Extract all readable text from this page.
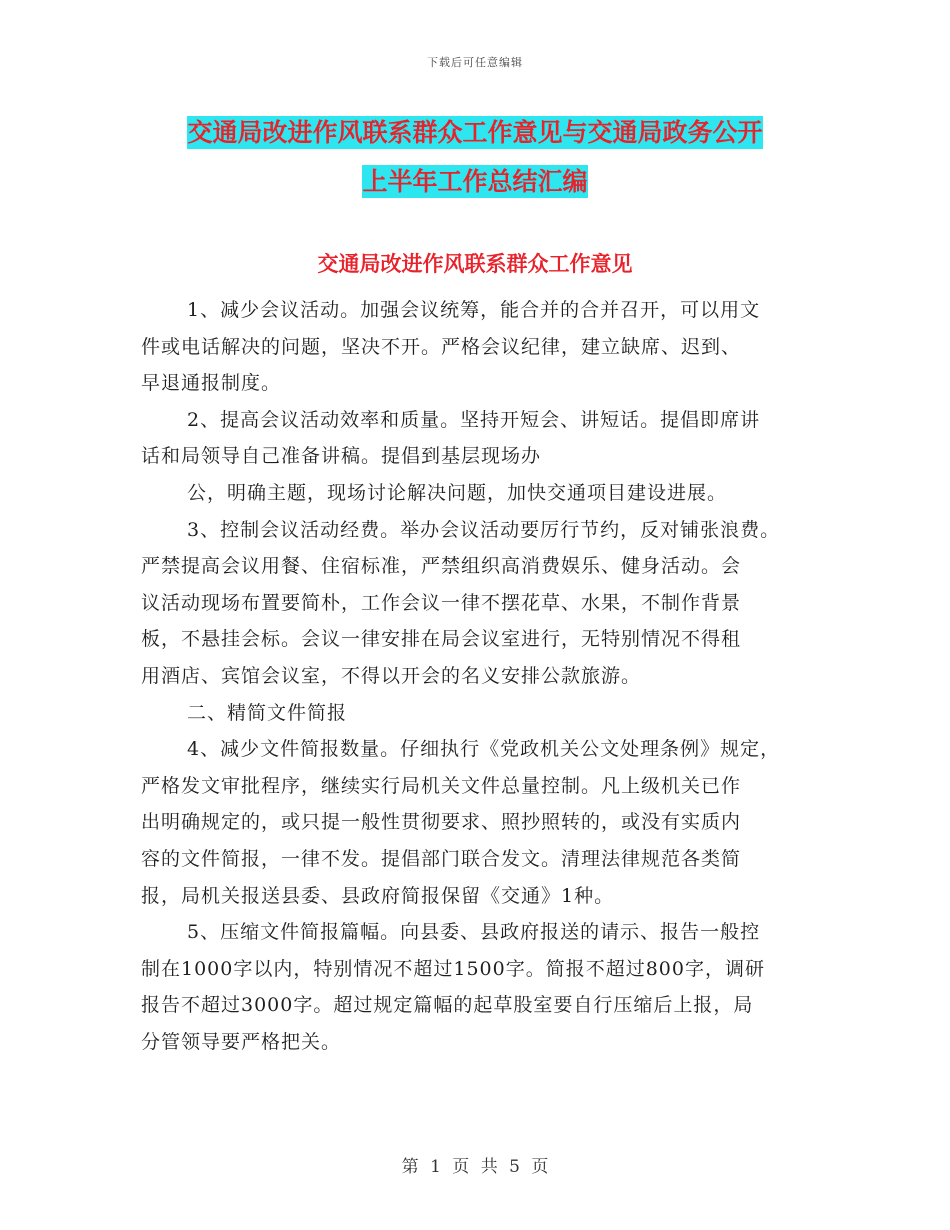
下载后可任意编辑
交通局改进作风联系群众工作意见与交通局政务公开
上半年工作总结汇编
交通局改进作风联系群众工作意见
1、减少会议活动。加强会议统筹，能合并的合并召开，可以用文
件或电话解决的问题，坚决不开。严格会议纪律，建立缺席、迟到、
早退通报制度。
2、提高会议活动效率和质量。坚持开短会、讲短话。提倡即席讲
话和局领导自己准备讲稿。提倡到基层现场办
公，明确主题，现场讨论解决问题，加快交通项目建设进展。
3、控制会议活动经费。举办会议活动要厉行节约，反对铺张浪费。
严禁提高会议用餐、住宿标准，严禁组织高消费娱乐、健身活动。会
议活动现场布置要简朴，工作会议一律不摆花草、水果，不制作背景
板，不悬挂会标。会议一律安排在局会议室进行，无特别情况不得租
用酒店、宾馆会议室，不得以开会的名义安排公款旅游。
二、精简文件简报
4、减少文件简报数量。仔细执行《党政机关公文处理条例》规定，
严格发文审批程序，继续实行局机关文件总量控制。凡上级机关已作
出明确规定的，或只提一般性贯彻要求、照抄照转的，或没有实质内
容的文件简报，一律不发。提倡部门联合发文。清理法律规范各类简
报，局机关报送县委、县政府简报保留《交通》1种。
5、压缩文件简报篇幅。向县委、县政府报送的请示、报告一般控
制在1000字以内，特别情况不超过1500字。简报不超过800字，调研
报告不超过3000字。超过规定篇幅的起草股室要自行压缩后上报，局
分管领导要严格把关。
第 1 页 共 5 页
